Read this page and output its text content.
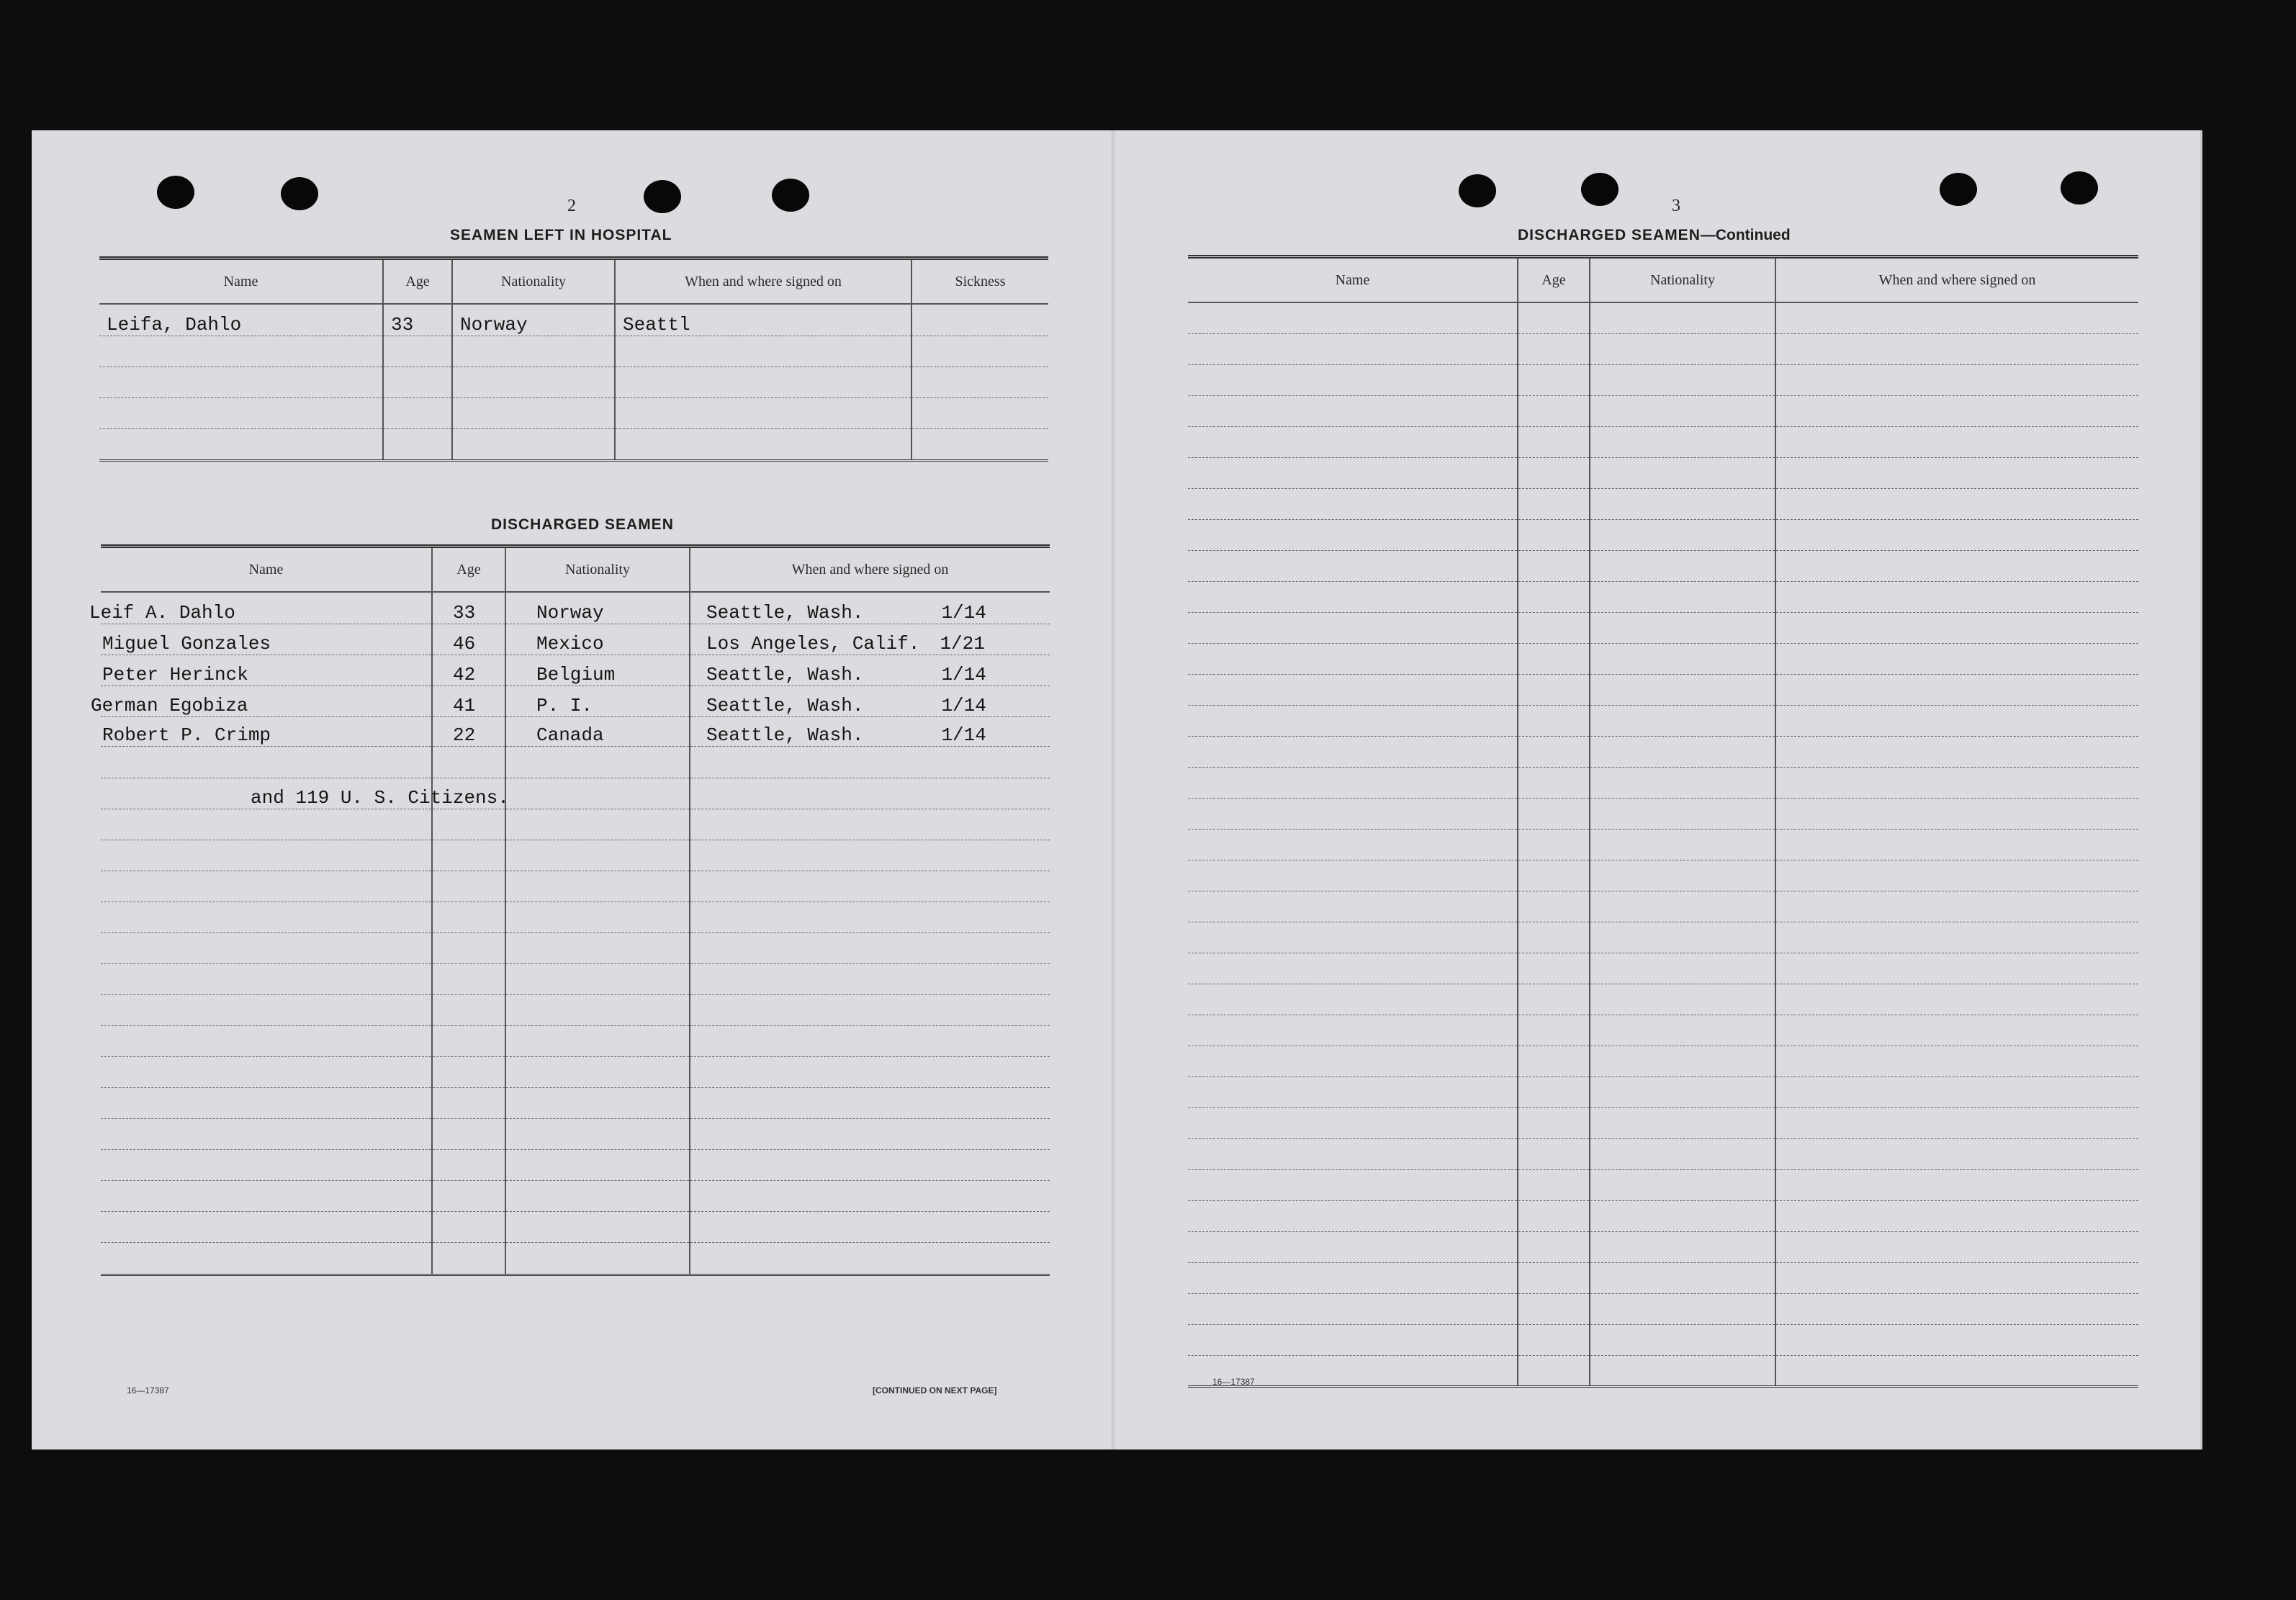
2
SEAMEN LEFT IN HOSPITAL
Name	Age	Nationality	When and where signed on	Sickness
Leifa, Dahlo	33	Norway	Seattl	

DISCHARGED SEAMEN
Name	Age	Nationality	When and where signed on
Leif A. Dahlo	33	Norway	Seattle, Wash.	1/14
Miguel Gonzales	46	Mexico	Los Angeles, Calif. 1/21
Peter Herinck	42	Belgium	Seattle, Wash.	1/14
German Egobiza	41	P. I.	Seattle, Wash.	1/14
Robert P. Crimp	22	Canada	Seattle, Wash.	1/14

and 119 U. S. Citizens.			

16—17387	[CONTINUED ON NEXT PAGE]
3
DISCHARGED SEAMEN—Continued
Name	Age	Nationality	When and where signed on

16—17387
